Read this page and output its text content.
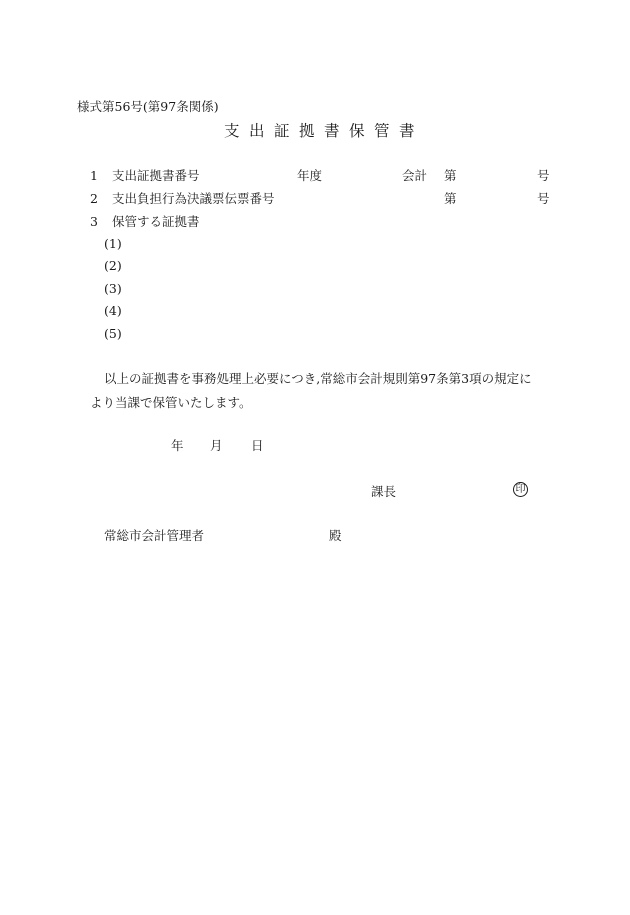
様式第56号(第97条関係)
支出証拠書保管書
1 支出証拠書番号	年度	会計 第	号
2 支出負担行為決議票伝票番号	第	号
3 保管する証拠書
(1)
(2)
(3)
(4)
(5)
以上の証拠書を事務処理上必要につき,常総市会計規則第97条第3項の規定に
より当課で保管いたします。
年 月 日
課長	印
常総市会計管理者	殿
